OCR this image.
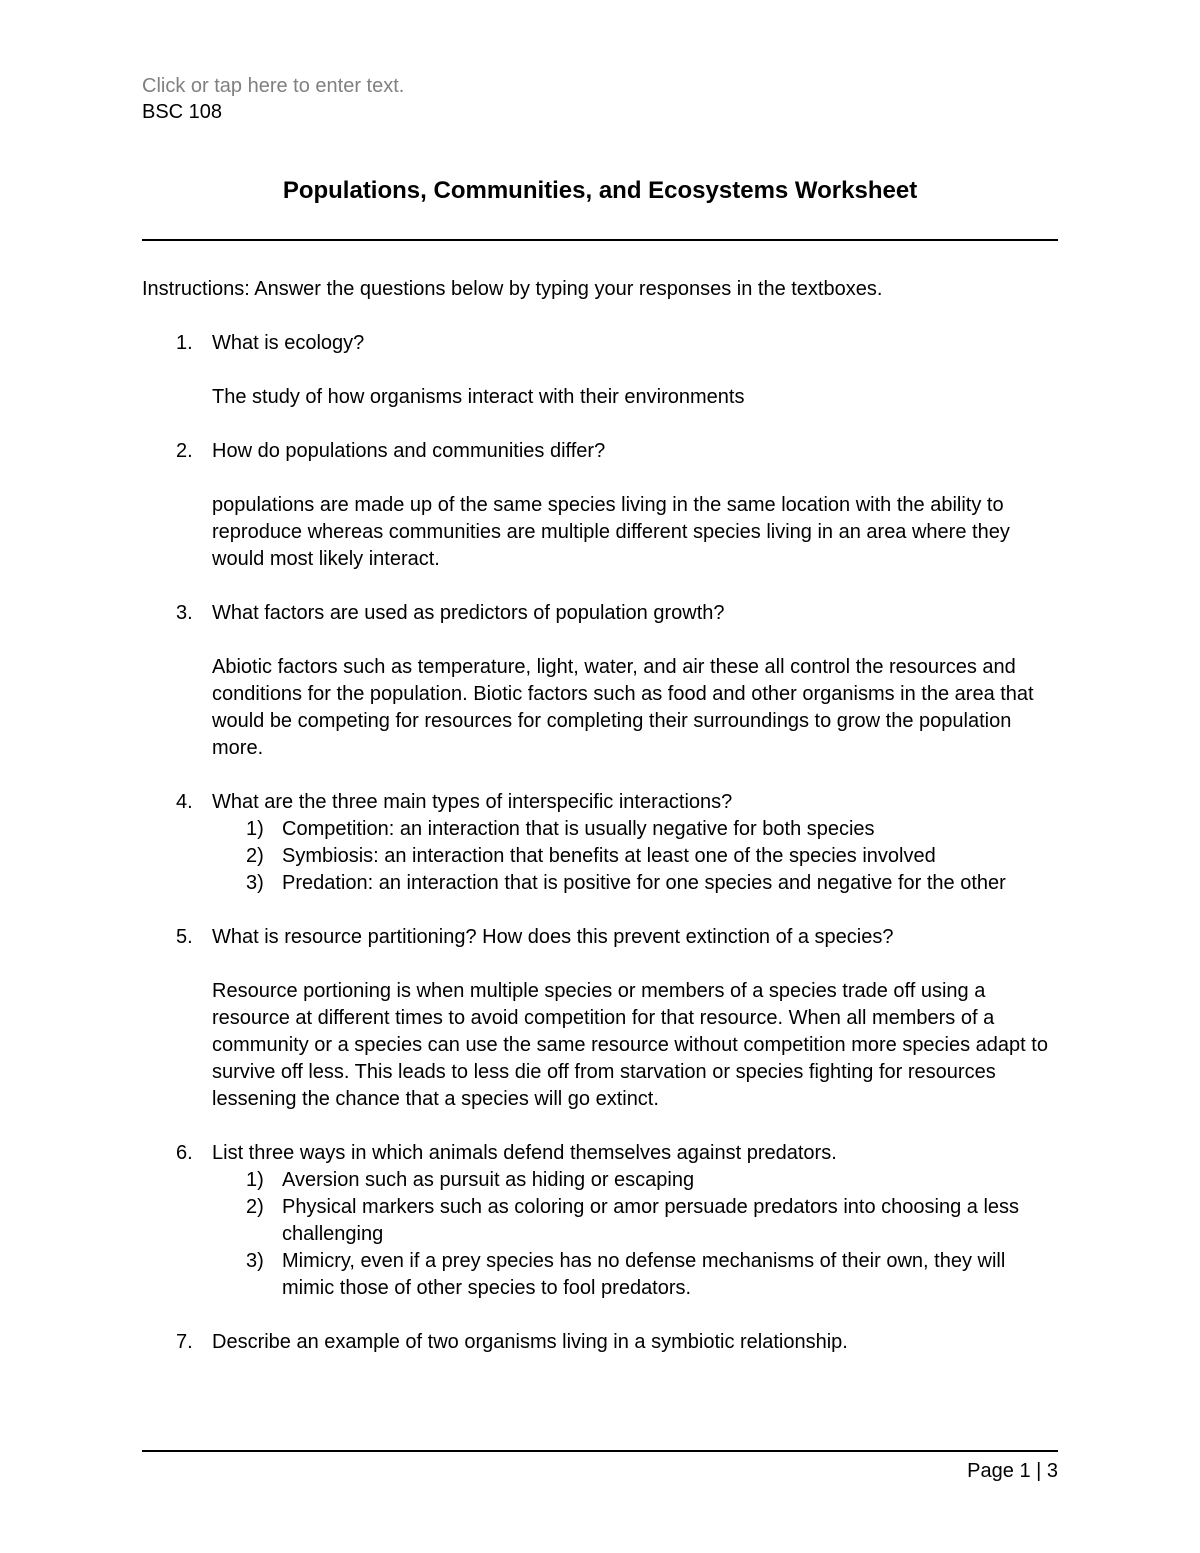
Click or tap here to enter text.
BSC 108
Populations, Communities, and Ecosystems Worksheet
Instructions: Answer the questions below by typing your responses in the textboxes.
1. What is ecology?
The study of how organisms interact with their environments
2. How do populations and communities differ?
populations are made up of the same species living in the same location with the ability to reproduce whereas communities are multiple different species living in an area where they would most likely interact.
3. What factors are used as predictors of population growth?
Abiotic factors such as temperature, light, water, and air these all control the resources and conditions for the population. Biotic factors such as food and other organisms in the area that would be competing for resources for completing their surroundings to grow the population more.
4. What are the three main types of interspecific interactions?
1) Competition: an interaction that is usually negative for both species
2) Symbiosis: an interaction that benefits at least one of the species involved
3) Predation: an interaction that is positive for one species and negative for the other
5. What is resource partitioning? How does this prevent extinction of a species?
Resource portioning is when multiple species or members of a species trade off using a resource at different times to avoid competition for that resource. When all members of a community or a species can use the same resource without competition more species adapt to survive off less. This leads to less die off from starvation or species fighting for resources lessening the chance that a species will go extinct.
6. List three ways in which animals defend themselves against predators.
1) Aversion such as pursuit as hiding or escaping
2) Physical markers such as coloring or amor persuade predators into choosing a less challenging
3) Mimicry, even if a prey species has no defense mechanisms of their own, they will mimic those of other species to fool predators.
7. Describe an example of two organisms living in a symbiotic relationship.
Page 1 | 3
